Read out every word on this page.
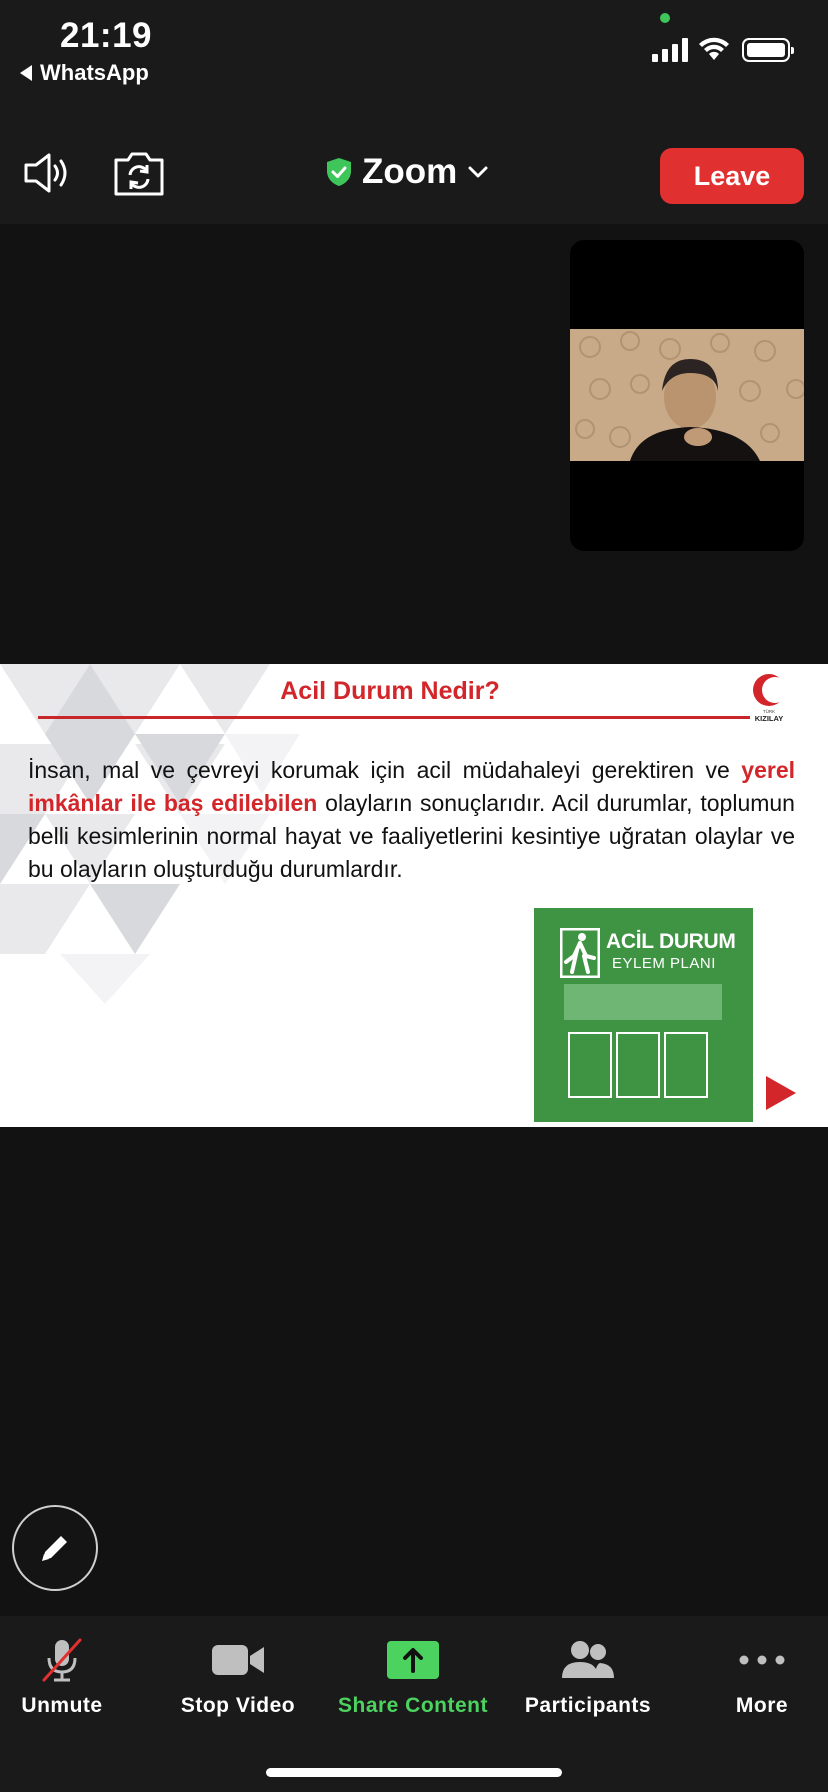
21:19
WhatsApp
Zoom	Leave
Acil Durum Nedir?
TÜRK
KIZILAY
İnsan, mal ve çevreyi korumak için acil müdahaleyi gerektiren ve yerel imkânlar ile baş edilebilen olayların sonuçlarıdır. Acil durumlar, toplumun belli kesimlerinin normal hayat ve faaliyetlerini kesintiye uğratan olaylar ve bu olayların oluşturduğu durumlardır.
ACİL DURUM
EYLEM PLANI
Unmute	Stop Video	Share Content	Participants	More
